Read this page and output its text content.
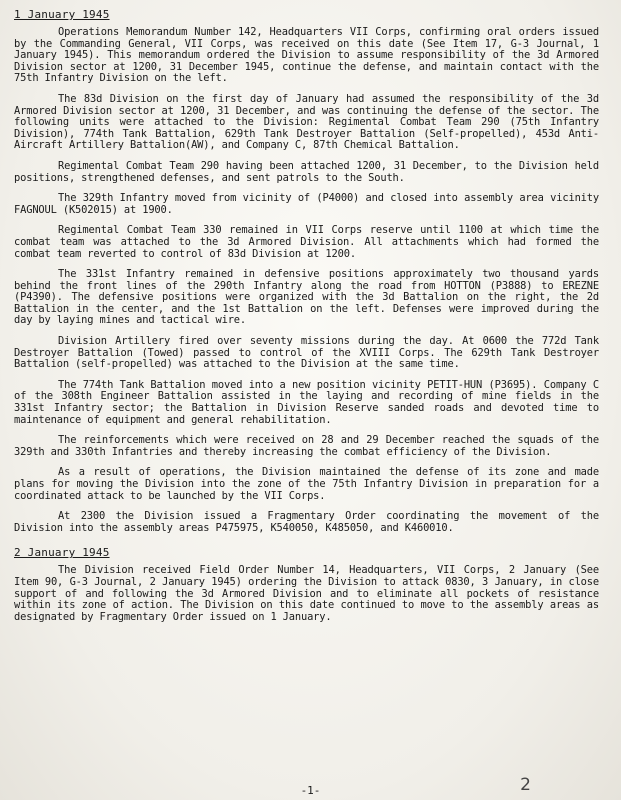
1 January 1945

Operations Memorandum Number 142, Headquarters VII Corps, confirming oral orders issued by the Commanding General, VII Corps, was received on this date (See Item 17, G-3 Journal, 1 January 1945). This memorandum ordered the Division to assume responsibility of the 3d Armored Division sector at 1200, 31 December 1945, continue the defense, and maintain contact with the 75th Infantry Division on the left.

The 83d Division on the first day of January had assumed the responsibility of the 3d Armored Division sector at 1200, 31 December, and was continuing the defense of the sector. The following units were attached to the Division: Regimental Combat Team 290 (75th Infantry Division), 774th Tank Battalion, 629th Tank Destroyer Battalion (Self-propelled), 453d Anti-Aircraft Artillery Battalion(AW), and Company C, 87th Chemical Battalion.

Regimental Combat Team 290 having been attached 1200, 31 December, to the Division held positions, strengthened defenses, and sent patrols to the South.

The 329th Infantry moved from vicinity of (P4000) and closed into assembly area vicinity FAGNOUL (K502015) at 1900.

Regimental Combat Team 330 remained in VII Corps reserve until 1100 at which time the combat team was attached to the 3d Armored Division. All attachments which had formed the combat team reverted to control of 83d Division at 1200.

The 331st Infantry remained in defensive positions approximately two thousand yards behind the front lines of the 290th Infantry along the road from HOTTON (P3888) to EREZNE (P4390). The defensive positions were organized with the 3d Battalion on the right, the 2d Battalion in the center, and the 1st Battalion on the left. Defenses were improved during the day by laying mines and tactical wire.

Division Artillery fired over seventy missions during the day. At 0600 the 772d Tank Destroyer Battalion (Towed) passed to control of the XVIII Corps. The 629th Tank Destroyer Battalion (self-propelled) was attached to the Division at the same time.

The 774th Tank Battalion moved into a new position vicinity PETIT-HUN (P3695). Company C of the 308th Engineer Battalion assisted in the laying and recording of mine fields in the 331st Infantry sector; the Battalion in Division Reserve sanded roads and devoted time to maintenance of equipment and general rehabilitation.

The reinforcements which were received on 28 and 29 December reached the squads of the 329th and 330th Infantries and thereby increasing the combat efficiency of the Division.

As a result of operations, the Division maintained the defense of its zone and made plans for moving the Division into the zone of the 75th Infantry Division in preparation for a coordinated attack to be launched by the VII Corps.

At 2300 the Division issued a Fragmentary Order coordinating the movement of the Division into the assembly areas P475975, K540050, K485050, and K460010.

2 January 1945

The Division received Field Order Number 14, Headquarters, VII Corps, 2 January (See Item 90, G-3 Journal, 2 January 1945) ordering the Division to attack 0830, 3 January, in close support of and following the 3d Armored Division and to eliminate all pockets of resistance within its zone of action. The Division on this date continued to move to the assembly areas as designated by Fragmentary Order issued on 1 January.

-1-	2
